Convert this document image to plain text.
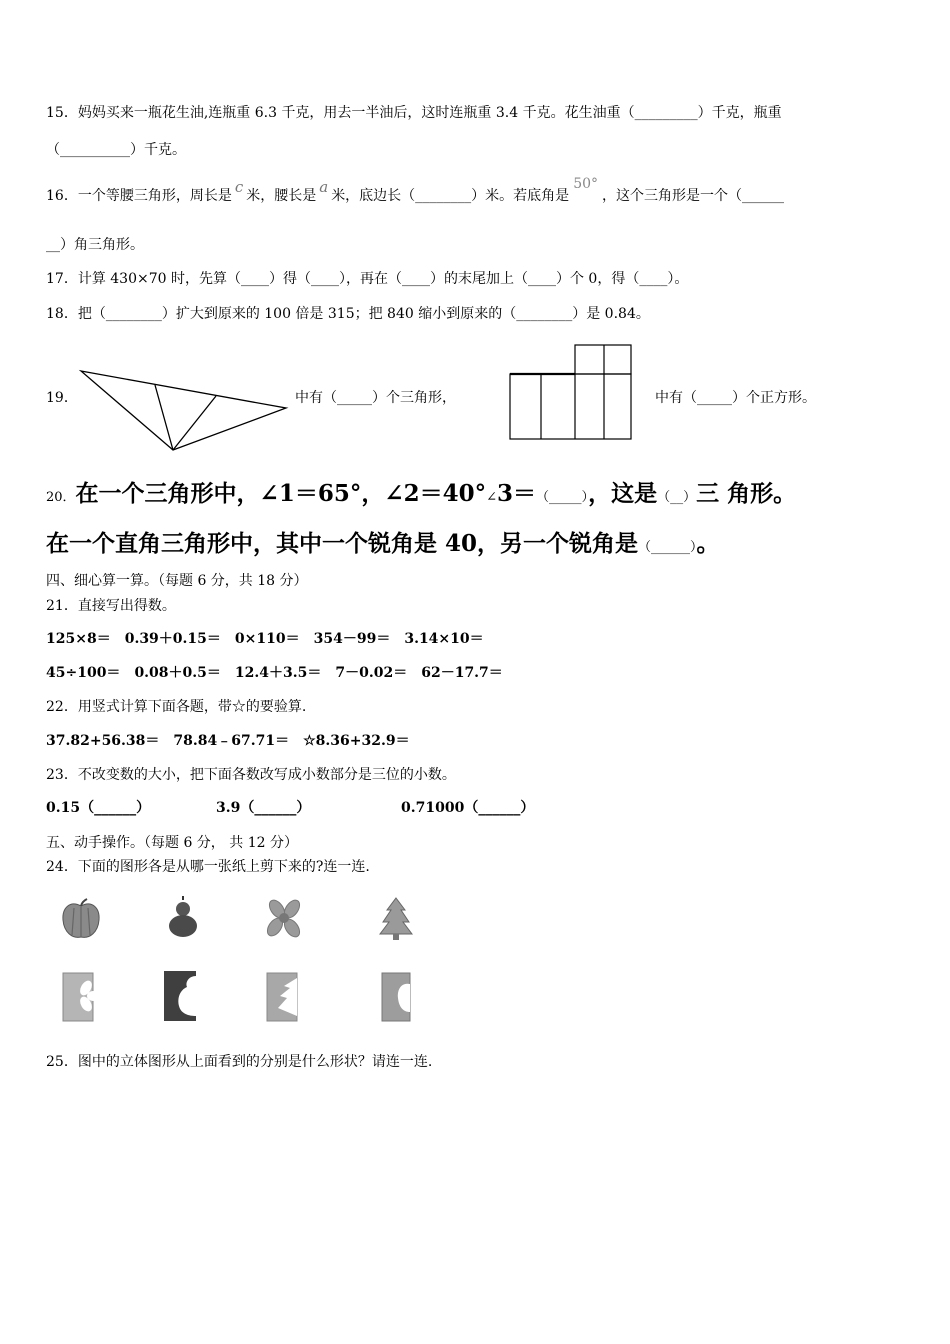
15．妈妈买来一瓶花生油,连瓶重 6.3 千克，用去一半油后，这时连瓶重 3.4 千克。花生油重（_________）千克，瓶重
（__________）千克。
16．一个等腰三角形，周长是 c 米，腰长是 a 米，底边长（________）米。若底角是50°，这个三角形是一个（______
__）角三角形。
17．计算 430×70 时，先算（____）得（____），再在（____）的末尾加上（____）个 0，得（____）。
18．把（________）扩大到原来的 100 倍是 315；把 840 缩小到原来的（________）是 0.84。
19．	中有（_____）个三角形，	中有（_____）个正方形。
20．在一个三角形中，∠1＝65°，∠2＝40°∠3＝（_____），这是（__）三 角形。
在一个直角三角形中，其中一个锐角是 40，另一个锐角是（______）。
四、细心算一算。（每题 6 分，共 18 分）
21．直接写出得数。
125×8＝ 0.39＋0.15＝ 0×110＝ 354－99＝ 3.14×10＝
45÷100＝ 0.08＋0.5＝ 12.4＋3.5＝ 7－0.02＝ 62－17.7＝
22．用竖式计算下面各题，带☆的要验算.
37.82+56.38＝ 78.84﹣67.71＝ ☆8.36+32.9＝
23．不改变数的大小，把下面各数改写成小数部分是三位的小数。
0.15（______）	3.9（______）	0.71000（______）
五、动手操作。（每题 6 分， 共 12 分）
24．下面的图形各是从哪一张纸上剪下来的?连一连.
25．图中的立体图形从上面看到的分别是什么形状？请连一连.
